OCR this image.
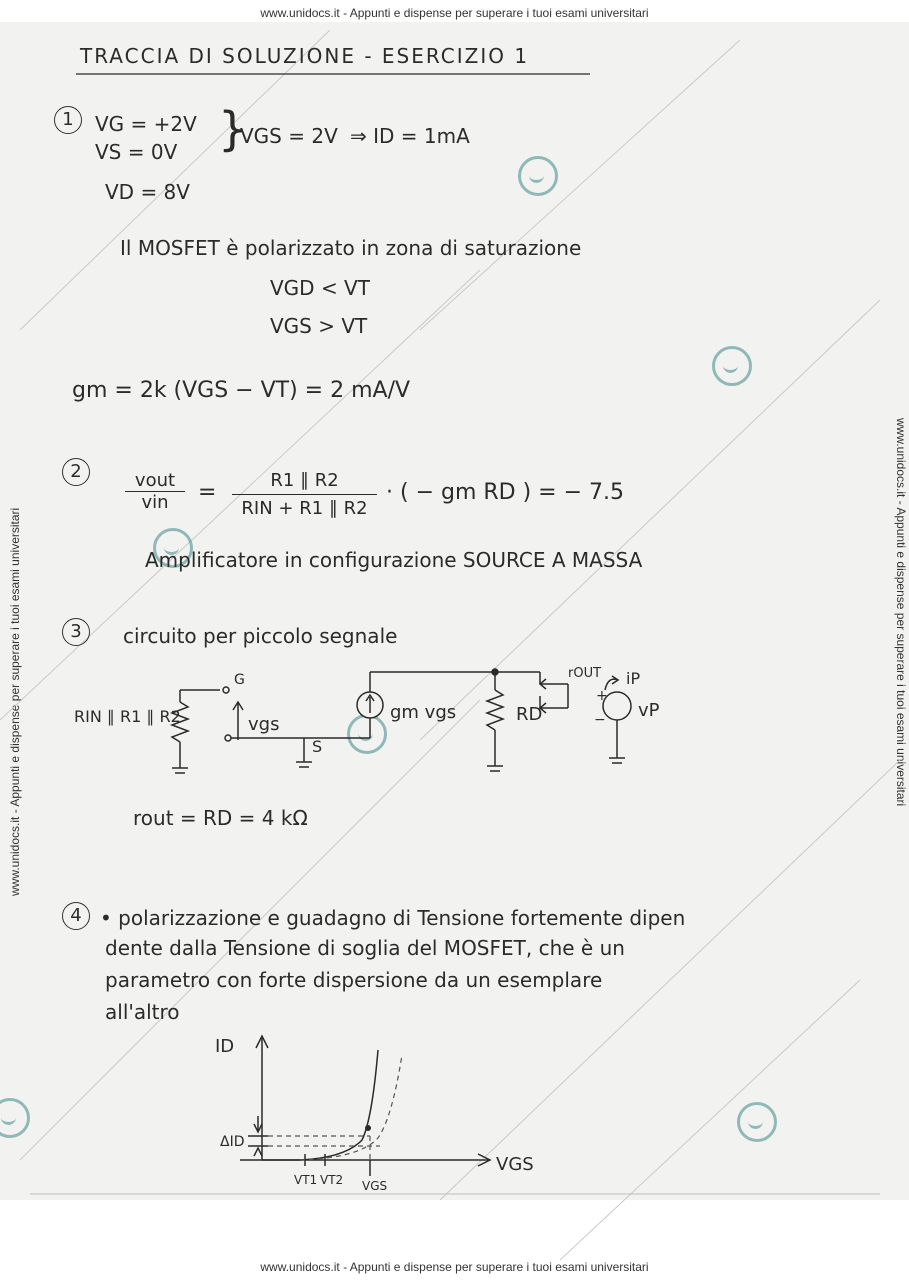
www.unidocs.it - Appunti e dispense per superare i tuoi esami universitari
www.unidocs.it - Appunti e dispense per superare i tuoi esami universitari
www.unidocs.it - Appunti e dispense per superare i tuoi esami universitari	www.unidocs.it - Appunti e dispense per superare i tuoi esami universitari
TRACCIA DI SOLUZIONE - ESERCIZIO 1
1	VG = +2V
VS = 0V }
VGS = 2V ⇒ ID = 1mA
VD = 8V
Il MOSFET è polarizzato in zona di saturazione
VGD < VT
VGS > VT
gm = 2k (VGS − VT) = 2 mA/V
2	vout
vin	=	R1 ∥ R2
RIN + R1 ∥ R2
· ( − gm RD ) = − 7.5
Amplificatore in configurazione SOURCE A MASSA
3	circuito per piccolo segnale
RIN ∥ R1 ∥ R2
G
vgs
S
gm vgs	RD
rOUT iP
vP
+
−
rout = RD = 4 kΩ
4 • polarizzazione e guadagno di Tensione fortemente dipen
dente dalla Tensione di soglia del MOSFET, che è un
parametro con forte dispersione da un esemplare
all'altro
ID
VGS
ΔID
VT1 VT2 VGS
